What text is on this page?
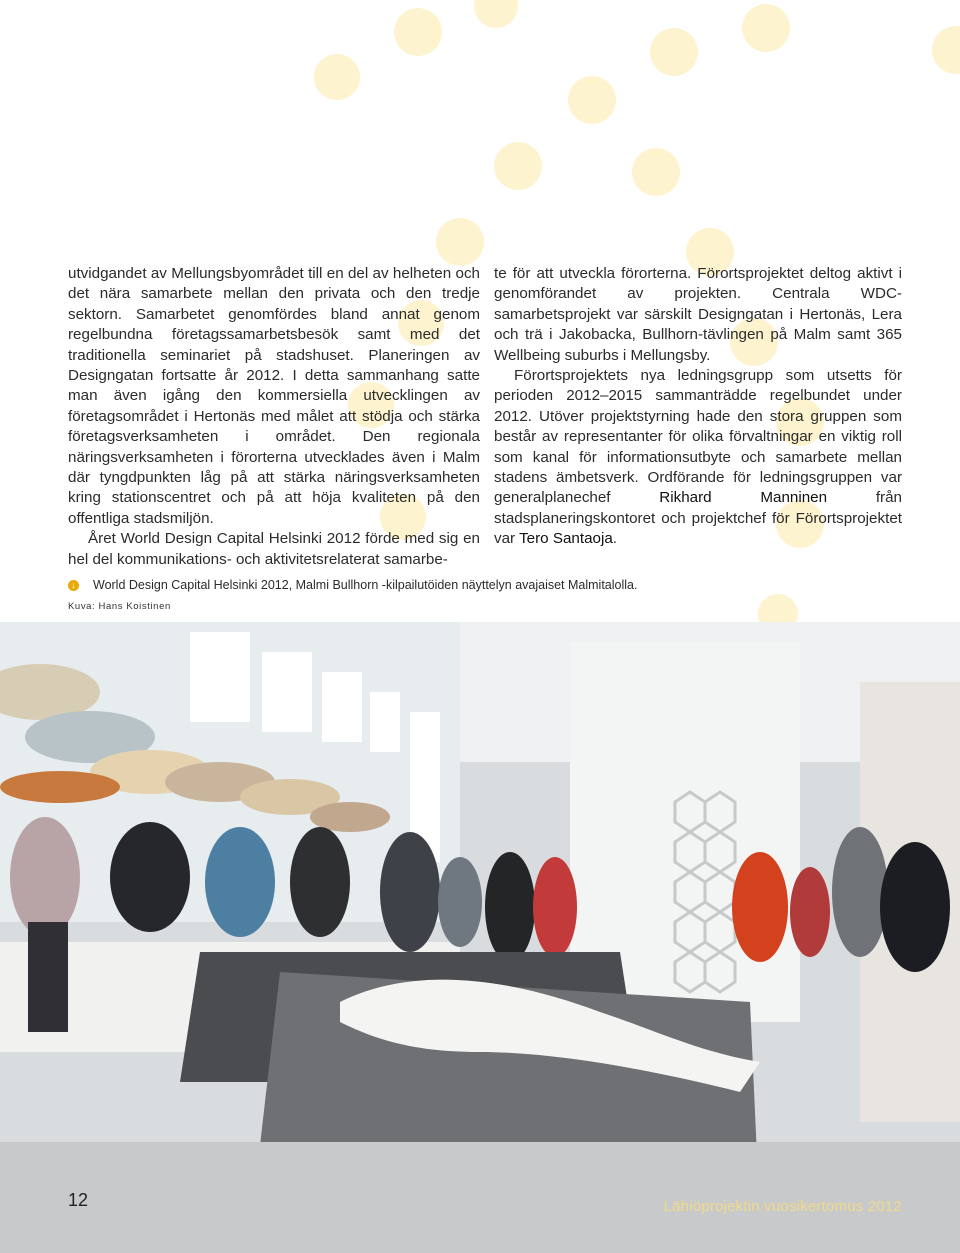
utvidgandet av Mellungsbyområdet till en del av helheten och det nära samarbete mellan den privata och den tredje sektorn. Samarbetet genomfördes bland annat genom regelbundna företagssamarbetsbesök samt med det traditionella seminariet på stadshuset. Planeringen av Designgatan fortsatte år 2012. I detta sammanhang satte man även igång den kommersiella utvecklingen av företagsområdet i Hertonäs med målet att stödja och stärka företagsverksamheten i området. Den regionala näringsverksamheten i förorterna utvecklades även i Malm där tyngdpunkten låg på att stärka näringsverksamheten kring stationscentret och på att höja kvaliteten på den offentliga stadsmiljön.

Året World Design Capital Helsinki 2012 förde med sig en hel del kommunikations- och aktivitetsrelaterat samarbe-

te för att utveckla förorterna. Förortsprojektet deltog aktivt i genomförandet av projekten. Centrala WDC-samarbetsprojekt var särskilt Designgatan i Hertonäs, Lera och trä i Jakobacka, Bullhorn-tävlingen på Malm samt 365 Wellbeing suburbs i Mellungsby.

Förortsprojektets nya ledningsgrupp som utsetts för perioden 2012–2015 sammanträdde regelbundet under 2012. Utöver projektstyrning hade den stora gruppen som består av representanter för olika förvaltningar en viktig roll som kanal för informationsutbyte och samarbete mellan stadens ämbetsverk. Ordförande för ledningsgruppen var generalplanechef	Rikhard Manninen	från stadsplaneringskontoret och projektchef för Förortsprojektet var Tero Santaoja.

↓ World Design Capital Helsinki 2012, Malmi Bullhorn -kilpailutöiden näyttelyn avajaiset Malmitalolla.
Kuva: Hans Koistinen
12	Lähiöprojektin vuosikertomus 2012
